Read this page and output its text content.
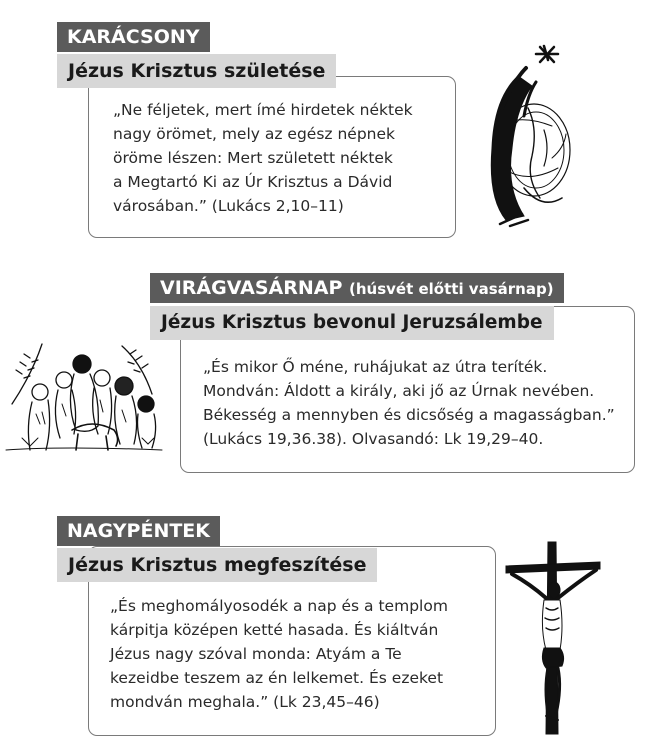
KARÁCSONY
Jézus Krisztus születése
„Ne féljetek, mert ímé hirdetek néktek
nagy örömet, mely az egész népnek
öröme lészen: Mert született néktek
a Megtartó Ki az Úr Krisztus a Dávid
városában.” (Lukács 2,10–11)
VIRÁGVASÁRNAP (húsvét előtti vasárnap)
Jézus Krisztus bevonul Jeruzsálembe
„És mikor Ő méne, ruhájukat az útra teríték.
Mondván: Áldott a király, aki jő az Úrnak nevében.
Békesség a mennyben és dicsőség a magasságban.”
(Lukács 19,36.38). Olvasandó: Lk 19,29–40.
NAGYPÉNTEK
Jézus Krisztus megfeszítése
„És meghomályosodék a nap és a templom
kárpitja középen ketté hasada. És kiáltván
Jézus nagy szóval monda: Atyám a Te
kezeidbe teszem az én lelkemet. És ezeket
mondván meghala.” (Lk 23,45–46)
